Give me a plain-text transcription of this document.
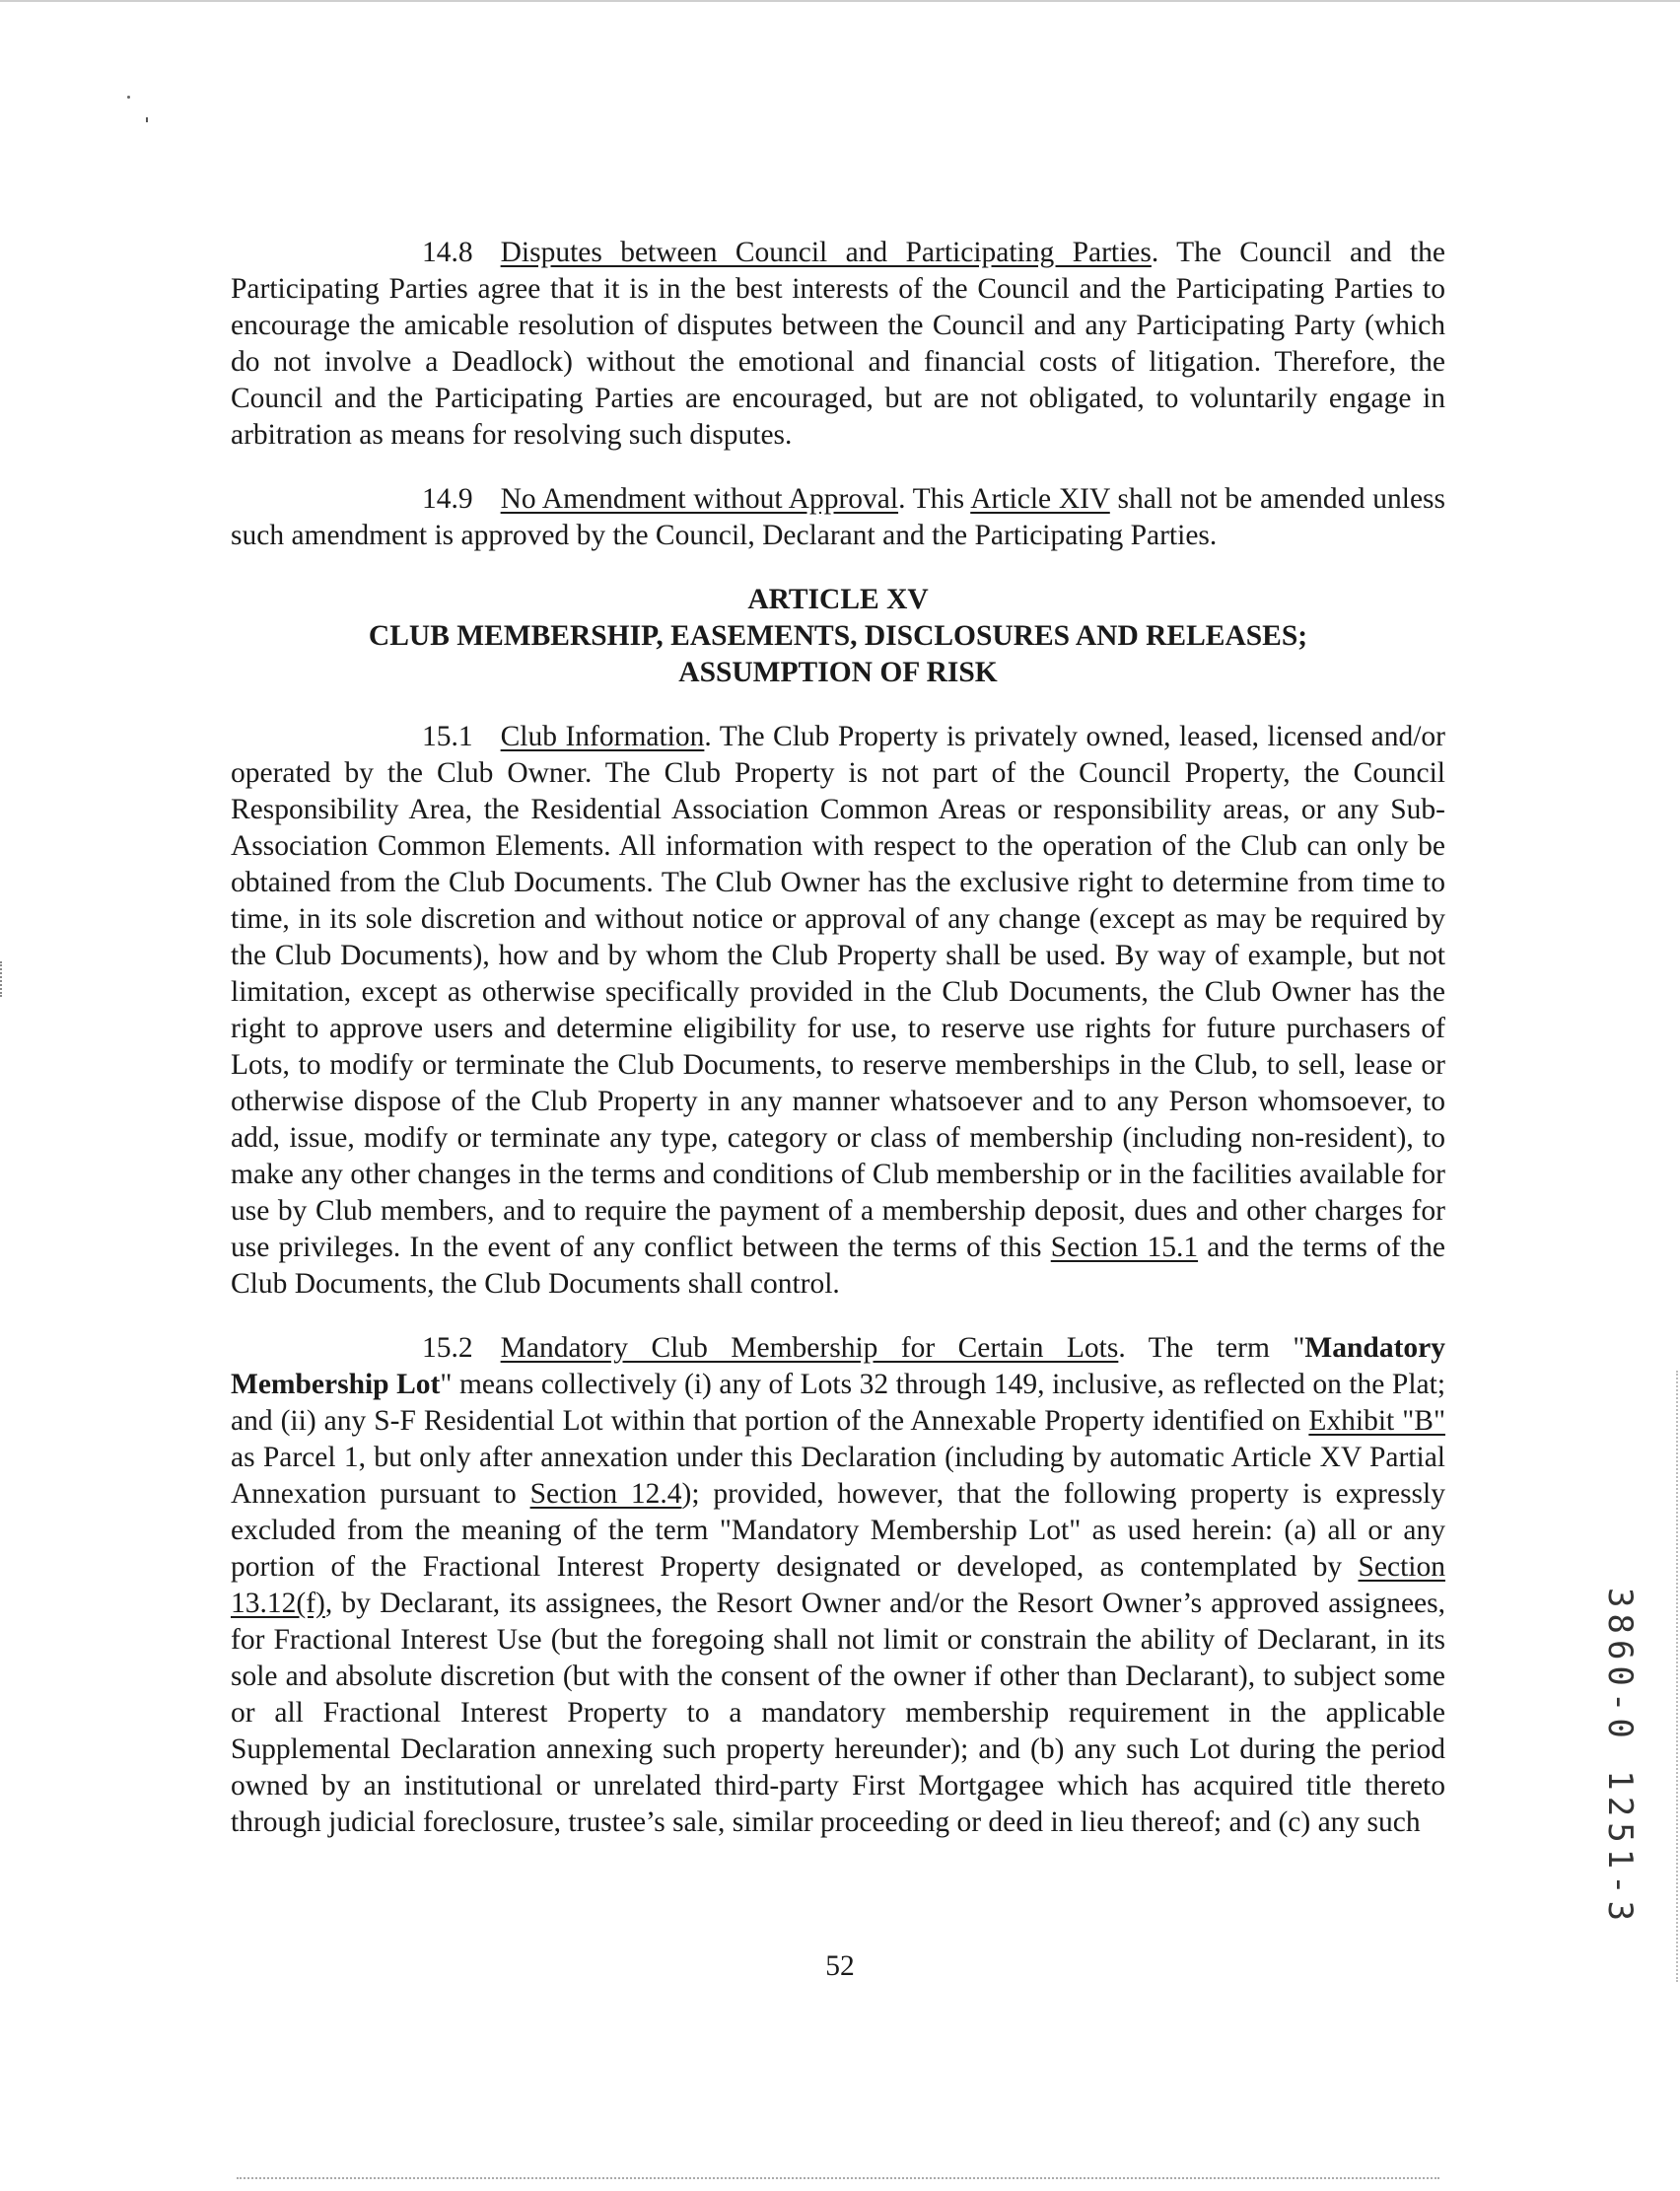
14.8 Disputes between Council and Participating Parties. The Council and the Participating Parties agree that it is in the best interests of the Council and the Participating Parties to encourage the amicable resolution of disputes between the Council and any Participating Party (which do not involve a Deadlock) without the emotional and financial costs of litigation. Therefore, the Council and the Participating Parties are encouraged, but are not obligated, to voluntarily engage in arbitration as means for resolving such disputes.

14.9 No Amendment without Approval. This Article XIV shall not be amended unless such amendment is approved by the Council, Declarant and the Participating Parties.

ARTICLE XV
CLUB MEMBERSHIP, EASEMENTS, DISCLOSURES AND RELEASES;
ASSUMPTION OF RISK

15.1 Club Information. The Club Property is privately owned, leased, licensed and/or operated by the Club Owner. The Club Property is not part of the Council Property, the Council Responsibility Area, the Residential Association Common Areas or responsibility areas, or any Sub-Association Common Elements. All information with respect to the operation of the Club can only be obtained from the Club Documents. The Club Owner has the exclusive right to determine from time to time, in its sole discretion and without notice or approval of any change (except as may be required by the Club Documents), how and by whom the Club Property shall be used. By way of example, but not limitation, except as otherwise specifically provided in the Club Documents, the Club Owner has the right to approve users and determine eligibility for use, to reserve use rights for future purchasers of Lots, to modify or terminate the Club Documents, to reserve memberships in the Club, to sell, lease or otherwise dispose of the Club Property in any manner whatsoever and to any Person whomsoever, to add, issue, modify or terminate any type, category or class of membership (including non-resident), to make any other changes in the terms and conditions of Club membership or in the facilities available for use by Club members, and to require the payment of a membership deposit, dues and other charges for use privileges. In the event of any conflict between the terms of this Section 15.1 and the terms of the Club Documents, the Club Documents shall control.

15.2 Mandatory Club Membership for Certain Lots. The term "Mandatory Membership Lot" means collectively (i) any of Lots 32 through 149, inclusive, as reflected on the Plat; and (ii) any S-F Residential Lot within that portion of the Annexable Property identified on Exhibit "B" as Parcel 1, but only after annexation under this Declaration (including by automatic Article XV Partial Annexation pursuant to Section 12.4); provided, however, that the following property is expressly excluded from the meaning of the term "Mandatory Membership Lot" as used herein: (a) all or any portion of the Fractional Interest Property designated or developed, as contemplated by Section 13.12(f), by Declarant, its assignees, the Resort Owner and/or the Resort Owner’s approved assignees, for Fractional Interest Use (but the foregoing shall not limit or constrain the ability of Declarant, in its sole and absolute discretion (but with the consent of the owner if other than Declarant), to subject some or all Fractional Interest Property to a mandatory membership requirement in the applicable Supplemental Declaration annexing such property hereunder); and (b) any such Lot during the period owned by an institutional or unrelated third-party First Mortgagee which has acquired title thereto through judicial foreclosure, trustee’s sale, similar proceeding or deed in lieu thereof; and (c) any such

52
3860-0 1251-3
